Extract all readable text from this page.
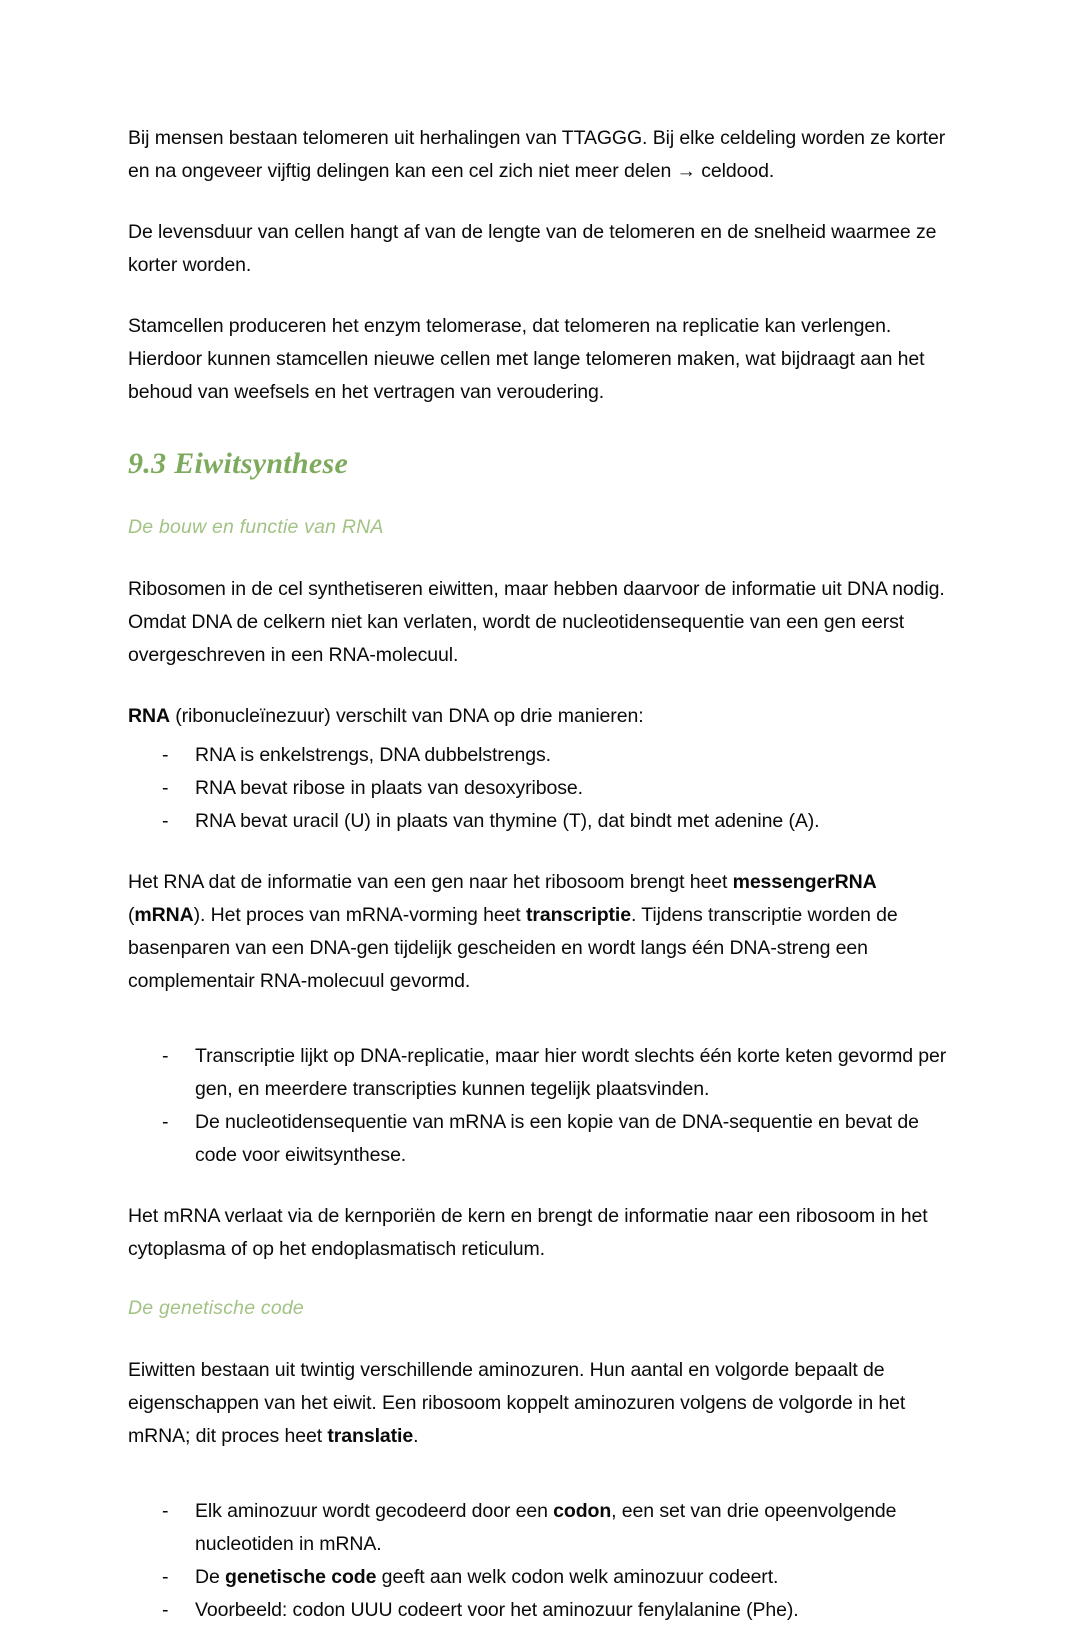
Bij mensen bestaan telomeren uit herhalingen van TTAGGG. Bij elke celdeling worden ze korter en na ongeveer vijftig delingen kan een cel zich niet meer delen → celdood.

De levensduur van cellen hangt af van de lengte van de telomeren en de snelheid waarmee ze korter worden.

Stamcellen produceren het enzym telomerase, dat telomeren na replicatie kan verlengen. Hierdoor kunnen stamcellen nieuwe cellen met lange telomeren maken, wat bijdraagt aan het behoud van weefsels en het vertragen van veroudering.

9.3 Eiwitsynthese
De bouw en functie van RNA

Ribosomen in de cel synthetiseren eiwitten, maar hebben daarvoor de informatie uit DNA nodig. Omdat DNA de celkern niet kan verlaten, wordt de nucleotidensequentie van een gen eerst overgeschreven in een RNA-molecuul.

RNA (ribonucleïnezuur) verschilt van DNA op drie manieren:

- RNA is enkelstrengs, DNA dubbelstrengs.
- RNA bevat ribose in plaats van desoxyribose.
- RNA bevat uracil (U) in plaats van thymine (T), dat bindt met adenine (A).

Het RNA dat de informatie van een gen naar het ribosoom brengt heet messengerRNA (mRNA). Het proces van mRNA-vorming heet transcriptie. Tijdens transcriptie worden de basenparen van een DNA-gen tijdelijk gescheiden en wordt langs één DNA-streng een complementair RNA-molecuul gevormd.

- Transcriptie lijkt op DNA-replicatie, maar hier wordt slechts één korte keten gevormd per gen, en meerdere transcripties kunnen tegelijk plaatsvinden.
- De nucleotidensequentie van mRNA is een kopie van de DNA-sequentie en bevat de code voor eiwitsynthese.

Het mRNA verlaat via de kernporiën de kern en brengt de informatie naar een ribosoom in het cytoplasma of op het endoplasmatisch reticulum.

De genetische code

Eiwitten bestaan uit twintig verschillende aminozuren. Hun aantal en volgorde bepaalt de eigenschappen van het eiwit. Een ribosoom koppelt aminozuren volgens de volgorde in het mRNA; dit proces heet translatie.

- Elk aminozuur wordt gecodeerd door een codon, een set van drie opeenvolgende nucleotiden in mRNA.
- De genetische code geeft aan welk codon welk aminozuur codeert.
- Voorbeeld: codon UUU codeert voor het aminozuur fenylalanine (Phe).
